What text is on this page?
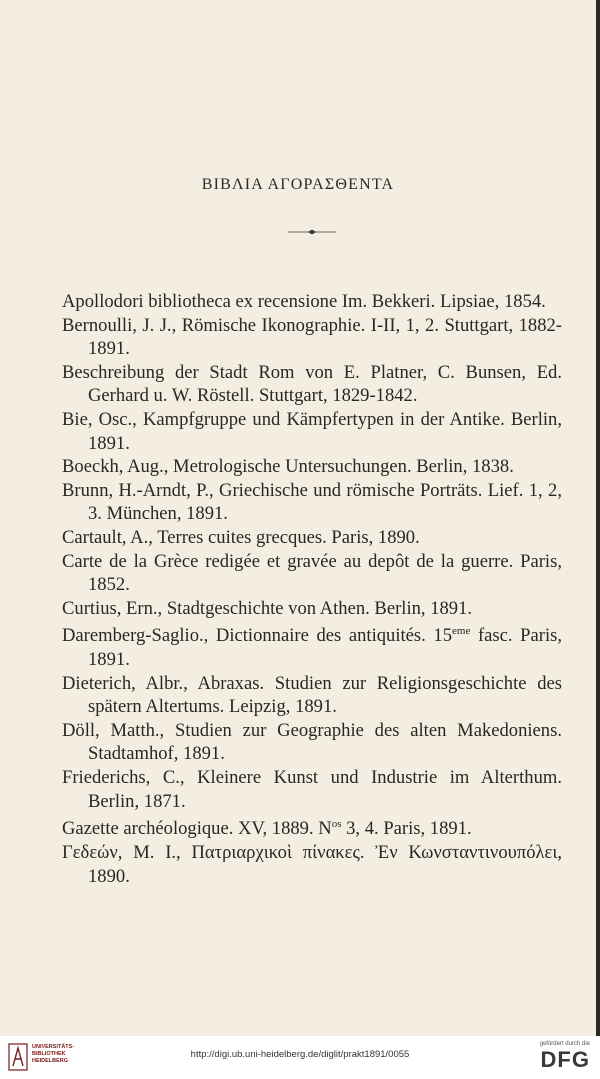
ΒΙΒΛΙΑ ΑΓΟΡΑΣΘΕΝΤΑ

Apollodori bibliotheca ex recensione Im. Bekkeri. Lipsiae, 1854.

Bernoulli, J. J., Römische Ikonographie. I-II, 1, 2. Stuttgart, 1882-1891.

Beschreibung der Stadt Rom von E. Platner, C. Bunsen, Ed. Gerhard u. W. Röstell. Stuttgart, 1829-1842.

Bie, Osc., Kampfgruppe und Kämpfertypen in der Antike. Berlin, 1891.

Boeckh, Aug., Metrologische Untersuchungen. Berlin, 1838.

Brunn, H.-Arndt, P., Griechische und römische Porträts. Lief. 1, 2, 3. München, 1891.

Cartault, A., Terres cuites grecques. Paris, 1890.

Carte de la Grèce redigée et gravée au depôt de la guerre. Paris, 1852.

Curtius, Ern., Stadtgeschichte von Athen. Berlin, 1891.

Daremberg-Saglio., Dictionnaire des antiquités. 15eme fasc. Paris, 1891.

Dieterich, Albr., Abraxas. Studien zur Religionsgeschichte des spätern Altertums. Leipzig, 1891.

Döll, Matth., Studien zur Geographie des alten Makedoniens. Stadtamhof, 1891.

Friederichs, C., Kleinere Kunst und Industrie im Alterthum. Berlin, 1871.

Gazette archéologique. XV, 1889. $N^{os}$ 3, 4. Paris, 1891.

Γεδεών, Μ. Ι., Πατριαρχικοὶ πίνακες. Ἐν Κωνσταντινουπόλει, 1890.

UNIVERSITÄTS-
BIBLIOTHEK
HEIDELBERG
http://digi.ub.uni-heidelberg.de/diglit/prakt1891/0055
gefördert durch die
DFG
